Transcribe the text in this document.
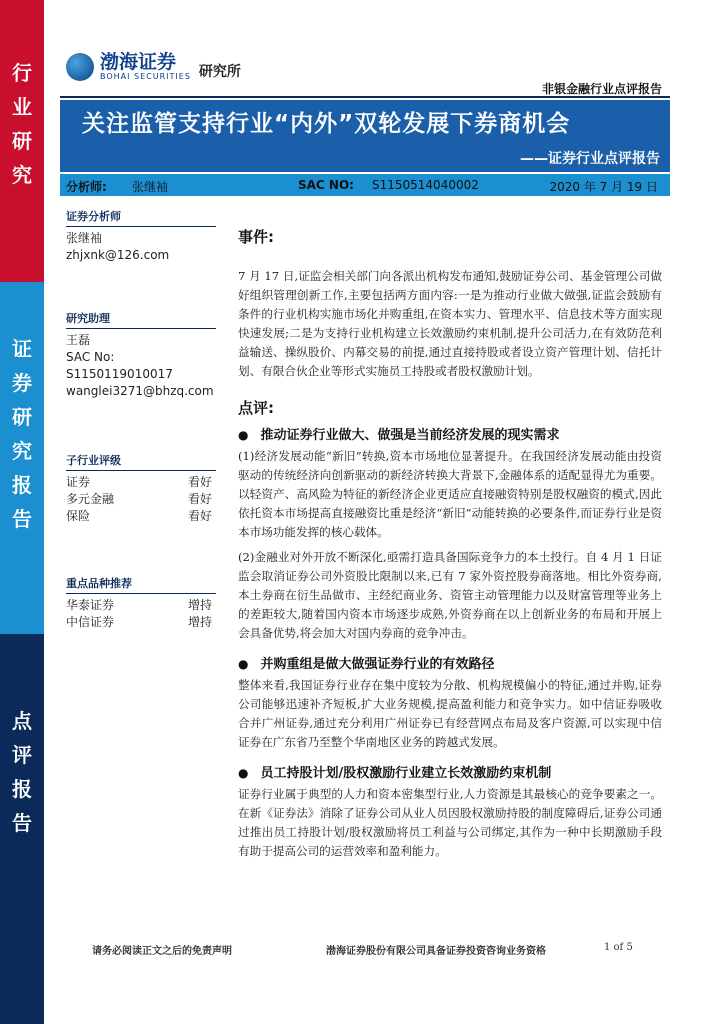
行
业
研
究
证
券
研
究
报
告
点
评
报
告
渤海证券
BOHAI SECURITIES 研究所
非银金融行业点评报告
关注监管支持行业“内外”双轮发展下券商机会
——证券行业点评报告
分析师: 张继袖	SAC NO: S1150514040002	2020 年 7 月 19 日
证券分析师
张继袖
zhjxnk@126.com
研究助理
王磊
SAC No: S1150119010017
wanglei3271@bhzq.com
子行业评级
证券	看好
多元金融	看好
保险	看好
重点品种推荐
华泰证券	增持
中信证券	增持
事件:

7 月 17 日,证监会相关部门向各派出机构发布通知,鼓励证券公司、基金管理公司做好组织管理创新工作,主要包括两方面内容:一是为推动行业做大做强,证监会鼓励有条件的行业机构实施市场化并购重组,在资本实力、管理水平、信息技术等方面实现快速发展;二是为支持行业机构建立长效激励约束机制,提升公司活力,在有效防范利益输送、操纵股价、内幕交易的前提,通过直接持股或者设立资产管理计划、信托计划、有限合伙企业等形式实施员工持股或者股权激励计划。

点评:
● 推动证券行业做大、做强是当前经济发展的现实需求

(1)经济发展动能“新旧”转换,资本市场地位显著提升。在我国经济发展动能由投资驱动的传统经济向创新驱动的新经济转换大背景下,金融体系的适配显得尤为重要。以轻资产、高风险为特征的新经济企业更适应直接融资特别是股权融资的模式,因此依托资本市场提高直接融资比重是经济“新旧”动能转换的必要条件,而证券行业是资本市场功能发挥的核心载体。

(2)金融业对外开放不断深化,亟需打造具备国际竞争力的本土投行。自 4 月 1 日证监会取消证券公司外资股比限制以来,已有 7 家外资控股券商落地。相比外资券商,本土券商在衍生品做市、主经纪商业务、资管主动管理能力以及财富管理等业务上的差距较大,随着国内资本市场逐步成熟,外资券商在以上创新业务的布局和开展上会具备优势,将会加大对国内券商的竞争冲击。

● 并购重组是做大做强证券行业的有效路径

整体来看,我国证券行业存在集中度较为分散、机构规模偏小的特征,通过并购,证券公司能够迅速补齐短板,扩大业务规模,提高盈利能力和竞争实力。如中信证券吸收合并广州证券,通过充分利用广州证券已有经营网点布局及客户资源,可以实现中信证券在广东省乃至整个华南地区业务的跨越式发展。

● 员工持股计划/股权激励行业建立长效激励约束机制

证券行业属于典型的人力和资本密集型行业,人力资源是其最核心的竞争要素之一。在新《证券法》消除了证券公司从业人员因股权激励持股的制度障碍后,证券公司通过推出员工持股计划/股权激励将员工利益与公司绑定,其作为一种中长期激励手段有助于提高公司的运营效率和盈利能力。

请务必阅读正文之后的免责声明	渤海证券股份有限公司具备证券投资咨询业务资格	1 of 5
